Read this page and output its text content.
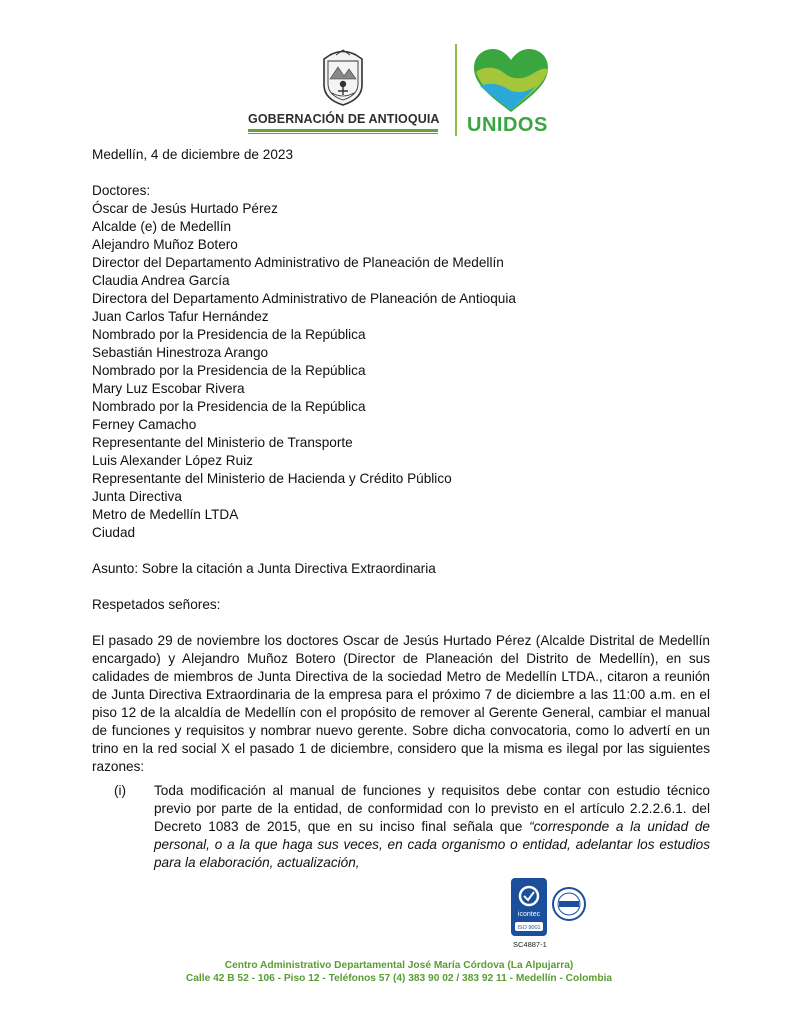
GOBERNACIÓN DE ANTIOQUIA UNIDOS
Medellín, 4 de diciembre de 2023
Doctores:
Óscar de Jesús Hurtado Pérez
Alcalde (e) de Medellín
Alejandro Muñoz Botero
Director del Departamento Administrativo de Planeación de Medellín
Claudia Andrea García
Directora del Departamento Administrativo de Planeación de Antioquia
Juan Carlos Tafur Hernández
Nombrado por la Presidencia de la República
Sebastián Hinestroza Arango
Nombrado por la Presidencia de la República
Mary Luz Escobar Rivera
Nombrado por la Presidencia de la República
Ferney Camacho
Representante del Ministerio de Transporte
Luis Alexander López Ruiz
Representante del Ministerio de Hacienda y Crédito Público
Junta Directiva
Metro de Medellín LTDA
Ciudad
Asunto: Sobre la citación a Junta Directiva Extraordinaria
Respetados señores:

El pasado 29 de noviembre los doctores Oscar de Jesús Hurtado Pérez (Alcalde Distrital de Medellín encargado) y Alejandro Muñoz Botero (Director de Planeación del Distrito de Medellín), en sus calidades de miembros de Junta Directiva de la sociedad Metro de Medellín LTDA., citaron a reunión de Junta Directiva Extraordinaria de la empresa para el próximo 7 de diciembre a las 11:00 a.m. en el piso 12 de la alcaldía de Medellín con el propósito de remover al Gerente General, cambiar el manual de funciones y requisitos y nombrar nuevo gerente. Sobre dicha convocatoria, como lo advertí en un trino en la red social X el pasado 1 de diciembre, considero que la misma es ilegal por las siguientes razones:

(i)	Toda modificación al manual de funciones y requisitos debe contar con estudio técnico previo por parte de la entidad, de conformidad con lo previsto en el artículo 2.2.2.6.1. del Decreto 1083 de 2015, que en su inciso final señala que “corresponde a la unidad de personal, o a la que haga sus veces, en cada organismo o entidad, adelantar los estudios para la elaboración, actualización,
icontec
ISO 9001
SC4887-1
Centro Administrativo Departamental José María Córdova (La Alpujarra)
Calle 42 B 52 - 106 - Piso 12 - Teléfonos 57 (4) 383 90 02 / 383 92 11 - Medellín - Colombia
